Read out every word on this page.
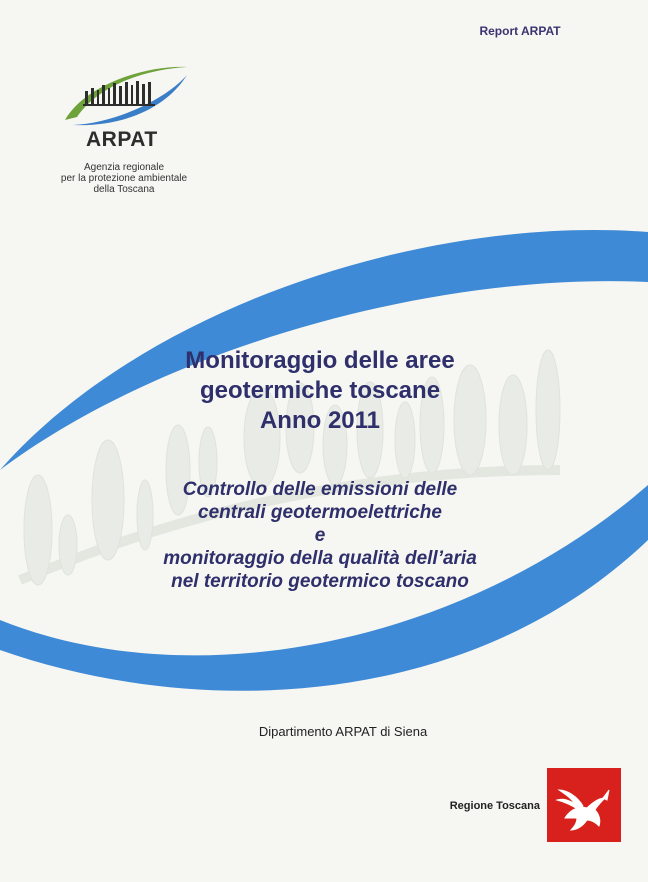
Report ARPAT
ARPAT
Agenzia regionale
per la protezione ambientale
della Toscana
Monitoraggio delle aree
geotermiche toscane
Anno 2011
Controllo delle emissioni delle
centrali geotermoelettriche
e
monitoraggio della qualità dell’aria
nel territorio geotermico toscano
Dipartimento ARPAT di Siena
Regione Toscana
